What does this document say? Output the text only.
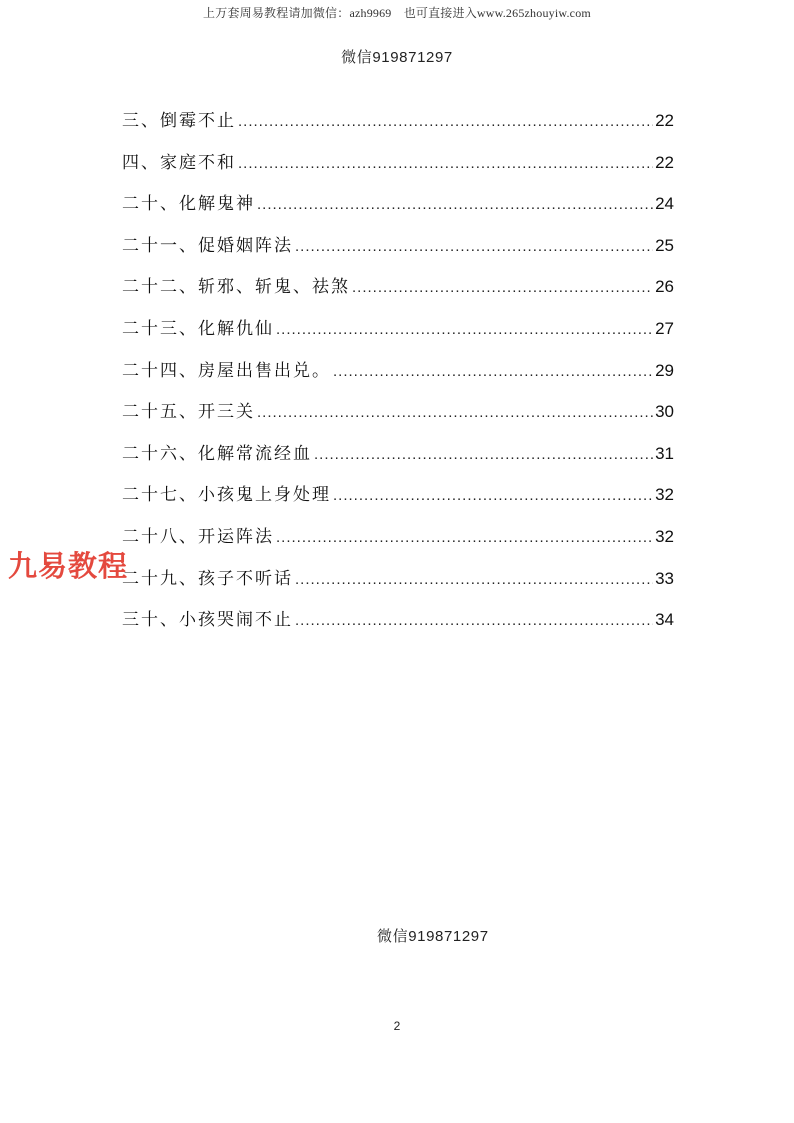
上万套周易教程请加微信：azh9969　也可直接进入www.265zhouyiw.com
微信919871297
三、倒霉不止 .....	22
四、家庭不和 .....	22
二十、化解鬼神 .....	24
二十一、促婚姻阵法 .....	25
二十二、斩邪、斩鬼、祛煞 .....	26
二十三、化解仇仙 .....	27
二十四、房屋出售出兑。 .....	29
二十五、开三关 .....	30
二十六、化解常流经血 .....	31
二十七、小孩鬼上身处理 .....	32
二十八、开运阵法 .....	32
二十九、孩子不听话 .....	33
三十、小孩哭闹不止 .....	34
九易教程
微信919871297
2
